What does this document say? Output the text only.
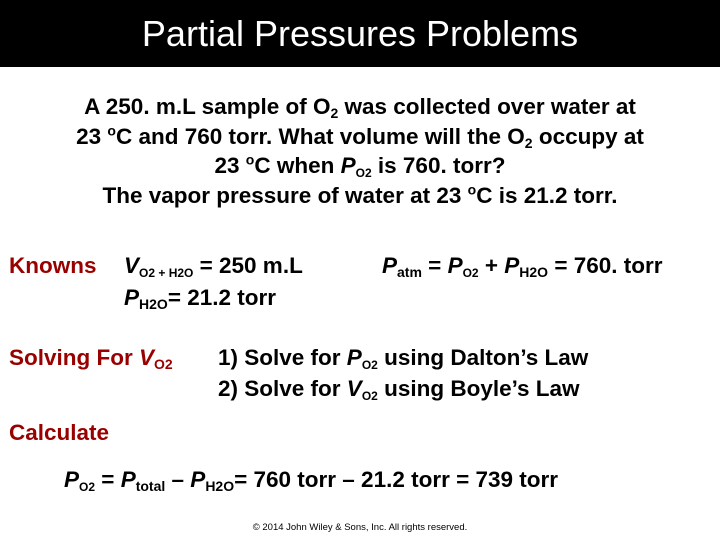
Partial Pressures Problems
A 250. m.L sample of $O_2$ was collected over water at
23 $^o$C and 760 torr. What volume will the $O_2$ occupy at
23 $^o$C when $P_{O2}$ is 760. torr?
The vapor pressure of water at 23 $^o$C is 21.2 torr.
Knowns $V_{O2 + H2O} = 250$ m.L	$P_{atm} = P_{O2} + P_{H2O} = 760$. torr
$P_{H2O}= 21.2$ torr
Solving For $V_{O2}$ 1) Solve for $P_{O2}$ using Dalton’s Law
2) Solve for $V_{O2}$ using Boyle’s Law
Calculate
$P_{O2} = P_{total} - P_{H2O}= 760$ torr – 21.2 torr = 739 torr
© 2014 John Wiley & Sons, Inc. All rights reserved.
